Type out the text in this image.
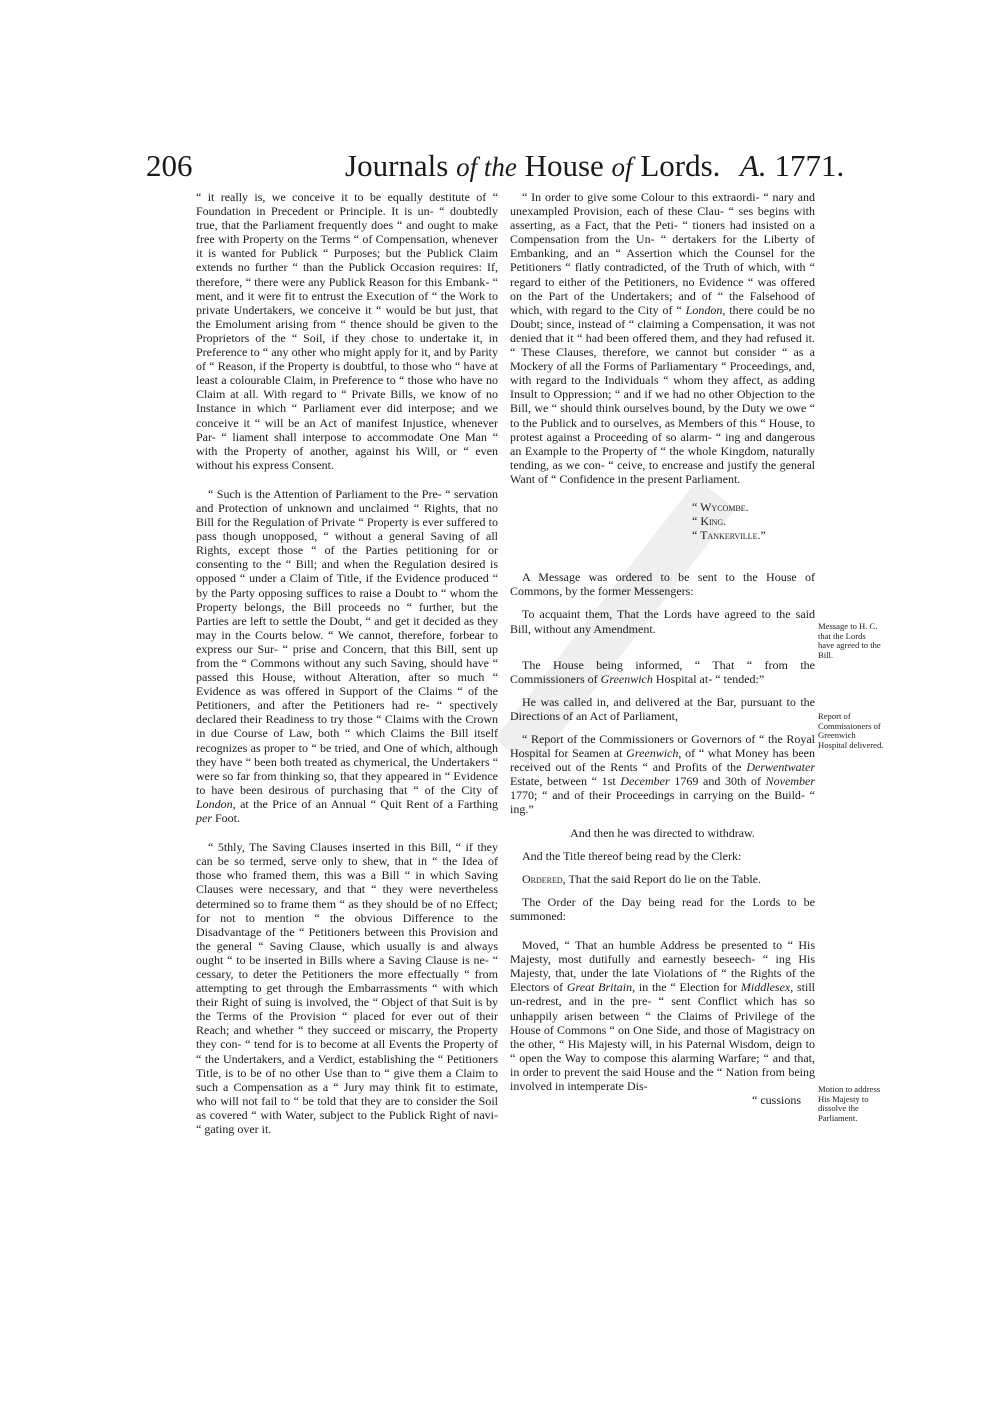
206	Journals of the House of Lords. A. 1771.

“ it really is, we conceive it to be equally destitute of “ Foundation in Precedent or Principle. It is un- “ doubtedly true, that the Parliament frequently does “ and ought to make free with Property on the Terms “ of Compensation, whenever it is wanted for Publick “ Purposes; but the Publick Claim extends no further “ than the Publick Occasion requires: If, therefore, “ there were any Publick Reason for this Embank- “ ment, and it were fit to entrust the Execution of “ the Work to private Undertakers, we conceive it “ would be but just, that the Emolument arising from “ thence should be given to the Proprietors of the “ Soil, if they chose to undertake it, in Preference to “ any other who might apply for it, and by Parity of “ Reason, if the Property is doubtful, to those who “ have at least a colourable Claim, in Preference to “ those who have no Claim at all. With regard to “ Private Bills, we know of no Instance in which “ Parliament ever did interpose; and we conceive it “ will be an Act of manifest Injustice, whenever Par- “ liament shall interpose to accommodate One Man “ with the Property of another, against his Will, or “ even without his express Consent.

“ Such is the Attention of Parliament to the Pre- “ servation and Protection of unknown and unclaimed “ Rights, that no Bill for the Regulation of Private “ Property is ever suffered to pass though unopposed, “ without a general Saving of all Rights, except those “ of the Parties petitioning for or consenting to the “ Bill; and when the Regulation desired is opposed “ under a Claim of Title, if the Evidence produced “ by the Party opposing suffices to raise a Doubt to “ whom the Property belongs, the Bill proceeds no “ further, but the Parties are left to settle the Doubt, “ and get it decided as they may in the Courts below. “ We cannot, therefore, forbear to express our Sur- “ prise and Concern, that this Bill, sent up from the “ Commons without any such Saving, should have “ passed this House, without Alteration, after so much “ Evidence as was offered in Support of the Claims “ of the Petitioners, and after the Petitioners had re- “ spectively declared their Readiness to try those “ Claims with the Crown in due Course of Law, both “ which Claims the Bill itself recognizes as proper to “ be tried, and One of which, although they have “ been both treated as chymerical, the Undertakers “ were so far from thinking so, that they appeared in “ Evidence to have been desirous of purchasing that “ of the City of London, at the Price of an Annual “ Quit Rent of a Farthing per Foot.

“ 5thly, The Saving Clauses inserted in this Bill, “ if they can be so termed, serve only to shew, that in “ the Idea of those who framed them, this was a Bill “ in which Saving Clauses were necessary, and that “ they were nevertheless determined so to frame them “ as they should be of no Effect; for not to mention “ the obvious Difference to the Disadvantage of the “ Petitioners between this Provision and the general “ Saving Clause, which usually is and always ought “ to be inserted in Bills where a Saving Clause is ne- “ cessary, to deter the Petitioners the more effectually “ from attempting to get through the Embarrassments “ with which their Right of suing is involved, the “ Object of that Suit is by the Terms of the Provision “ placed for ever out of their Reach; and whether “ they succeed or miscarry, the Property they con- “ tend for is to become at all Events the Property of “ the Undertakers, and a Verdict, establishing the “ Petitioners Title, is to be of no other Use than to “ give them a Claim to such a Compensation as a “ Jury may think fit to estimate, who will not fail to “ be told that they are to consider the Soil as covered “ with Water, subject to the Publick Right of navi- “ gating over it.

“ In order to give some Colour to this extraordi- “ nary and unexampled Provision, each of these Clau- “ ses begins with asserting, as a Fact, that the Peti- “ tioners had insisted on a Compensation from the Un- “ dertakers for the Liberty of Embanking, and an “ Assertion which the Counsel for the Petitioners “ flatly contradicted, of the Truth of which, with “ regard to either of the Petitioners, no Evidence “ was offered on the Part of the Undertakers; and of “ the Falsehood of which, with regard to the City of “ London, there could be no Doubt; since, instead of “ claiming a Compensation, it was not denied that it “ had been offered them, and they had refused it. “ These Clauses, therefore, we cannot but consider “ as a Mockery of all the Forms of Parliamentary “ Proceedings, and, with regard to the Individuals “ whom they affect, as adding Insult to Oppression; “ and if we had no other Objection to the Bill, we “ should think ourselves bound, by the Duty we owe “ to the Publick and to ourselves, as Members of this “ House, to protest against a Proceeding of so alarm- “ ing and dangerous an Example to the Property of “ the whole Kingdom, naturally tending, as we con- “ ceive, to encrease and justify the general Want of “ Confidence in the present Parliament.

“ Wycombe.

“ King.

“ Tankerville.”

A Message was ordered to be sent to the House of Commons, by the former Messengers:

To acquaint them, That the Lords have agreed to the said Bill, without any Amendment.

The House being informed, “ That “ from the Commissioners of Greenwich Hospital at- “ tended:”

He was called in, and delivered at the Bar, pursuant to the Directions of an Act of Parliament,

“ Report of the Commissioners or Governors of “ the Royal Hospital for Seamen at Greenwich, of “ what Money has been received out of the Rents “ and Profits of the Derwentwater Estate, between “ 1st December 1769 and 30th of November 1770; “ and of their Proceedings in carrying on the Build- “ ing.”

And then he was directed to withdraw.

And the Title thereof being read by the Clerk:

Ordered, That the said Report do lie on the Table.

The Order of the Day being read for the Lords to be summoned:

Moved, “ That an humble Address be presented to “ His Majesty, most dutifully and earnestly beseech- “ ing His Majesty, that, under the late Violations of “ the Rights of the Electors of Great Britain, in the “ Election for Middlesex, still un-redrest, and in the pre- “ sent Conflict which has so unhappily arisen between “ the Claims of Privilege of the House of Commons “ on One Side, and those of Magistracy on the other, “ His Majesty will, in his Paternal Wisdom, deign to “ open the Way to compose this alarming Warfare; “ and that, in order to prevent the said House and the “ Nation from being involved in intemperate Dis-

“ cussions

Message to H. C. that the Lords have agreed to the Bill.
Report of Commissioners of Greenwich Hospital delivered.
Motion to address His Majesty to dissolve the Parliament.
